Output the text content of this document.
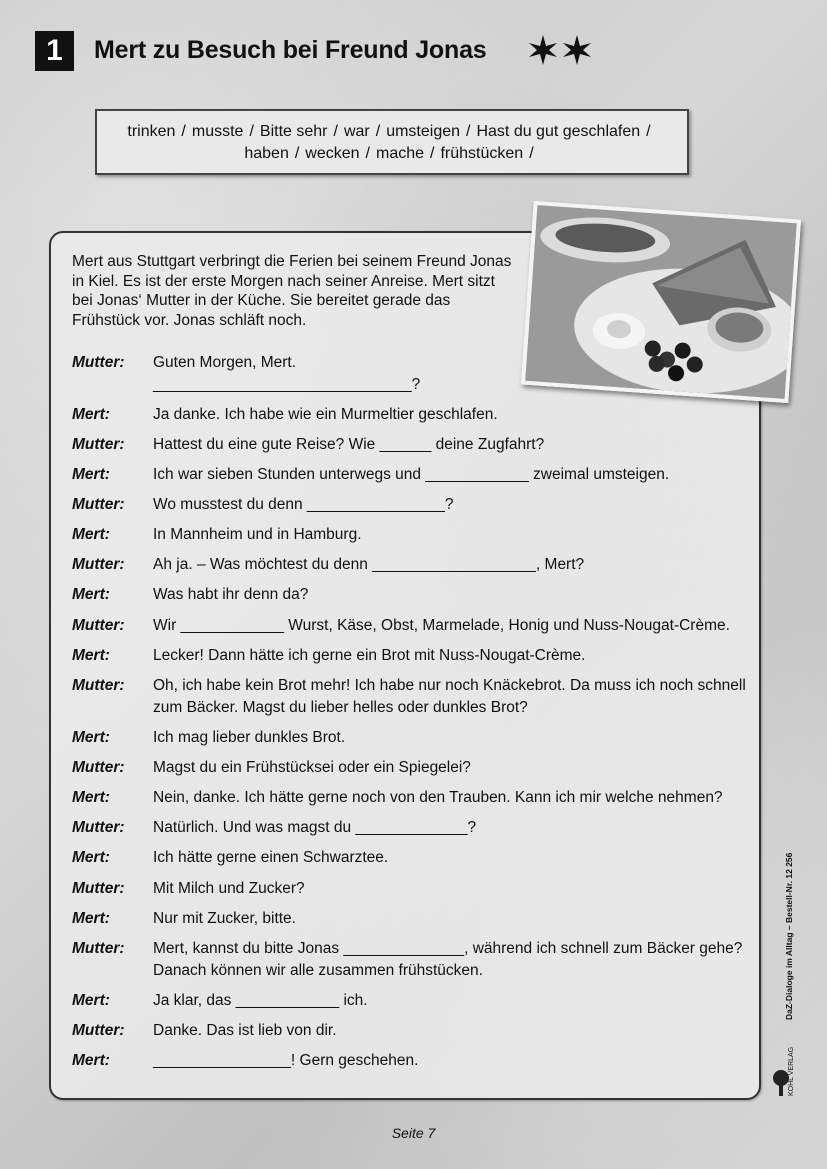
1	Mert zu Besuch bei Freund Jonas
trinken / musste / Bitte sehr / war / umsteigen / Hast du gut geschlafen /
haben / wecken / mache / frühstücken /
Mert aus Stuttgart verbringt die Ferien bei seinem Freund Jonas in Kiel. Es ist der erste Morgen nach seiner Anreise. Mert sitzt bei Jonas‘ Mutter in der Küche. Sie bereitet gerade das Frühstück vor. Jonas schläft noch.
Mutter:	Guten Morgen, Mert.
______________________________?
Mert:	Ja danke. Ich habe wie ein Murmeltier geschlafen.
Mutter:	Hattest du eine gute Reise? Wie ______ deine Zugfahrt?
Mert:	Ich war sieben Stunden unterwegs und ____________ zweimal umsteigen.
Mutter:	Wo musstest du denn ________________?
Mert:	In Mannheim und in Hamburg.
Mutter:	Ah ja. – Was möchtest du denn ___________________, Mert?
Mert:	Was habt ihr denn da?
Mutter:	Wir ____________ Wurst, Käse, Obst, Marmelade, Honig und Nuss-Nougat-Crème.
Mert:	Lecker! Dann hätte ich gerne ein Brot mit Nuss-Nougat-Crème.
Mutter:	Oh, ich habe kein Brot mehr! Ich habe nur noch Knäckebrot. Da muss ich noch schnell zum Bäcker. Magst du lieber helles oder dunkles Brot?
Mert:	Ich mag lieber dunkles Brot.
Mutter:	Magst du ein Frühstücksei oder ein Spiegelei?
Mert:	Nein, danke. Ich hätte gerne noch von den Trauben. Kann ich mir welche nehmen?
Mutter:	Natürlich. Und was magst du _____________?
Mert:	Ich hätte gerne einen Schwarztee.
Mutter:	Mit Milch und Zucker?
Mert:	Nur mit Zucker, bitte.
Mutter:	Mert, kannst du bitte Jonas ______________, während ich schnell zum Bäcker gehe? Danach können wir alle zusammen frühstücken.
Mert:	Ja klar, das ____________ ich.
Mutter:	Danke. Das ist lieb von dir.
Mert:	________________! Gern geschehen.
DaZ-Dialoge im Alltag – Bestell-Nr. 12 256
KOHL VERLAG
Seite 7
